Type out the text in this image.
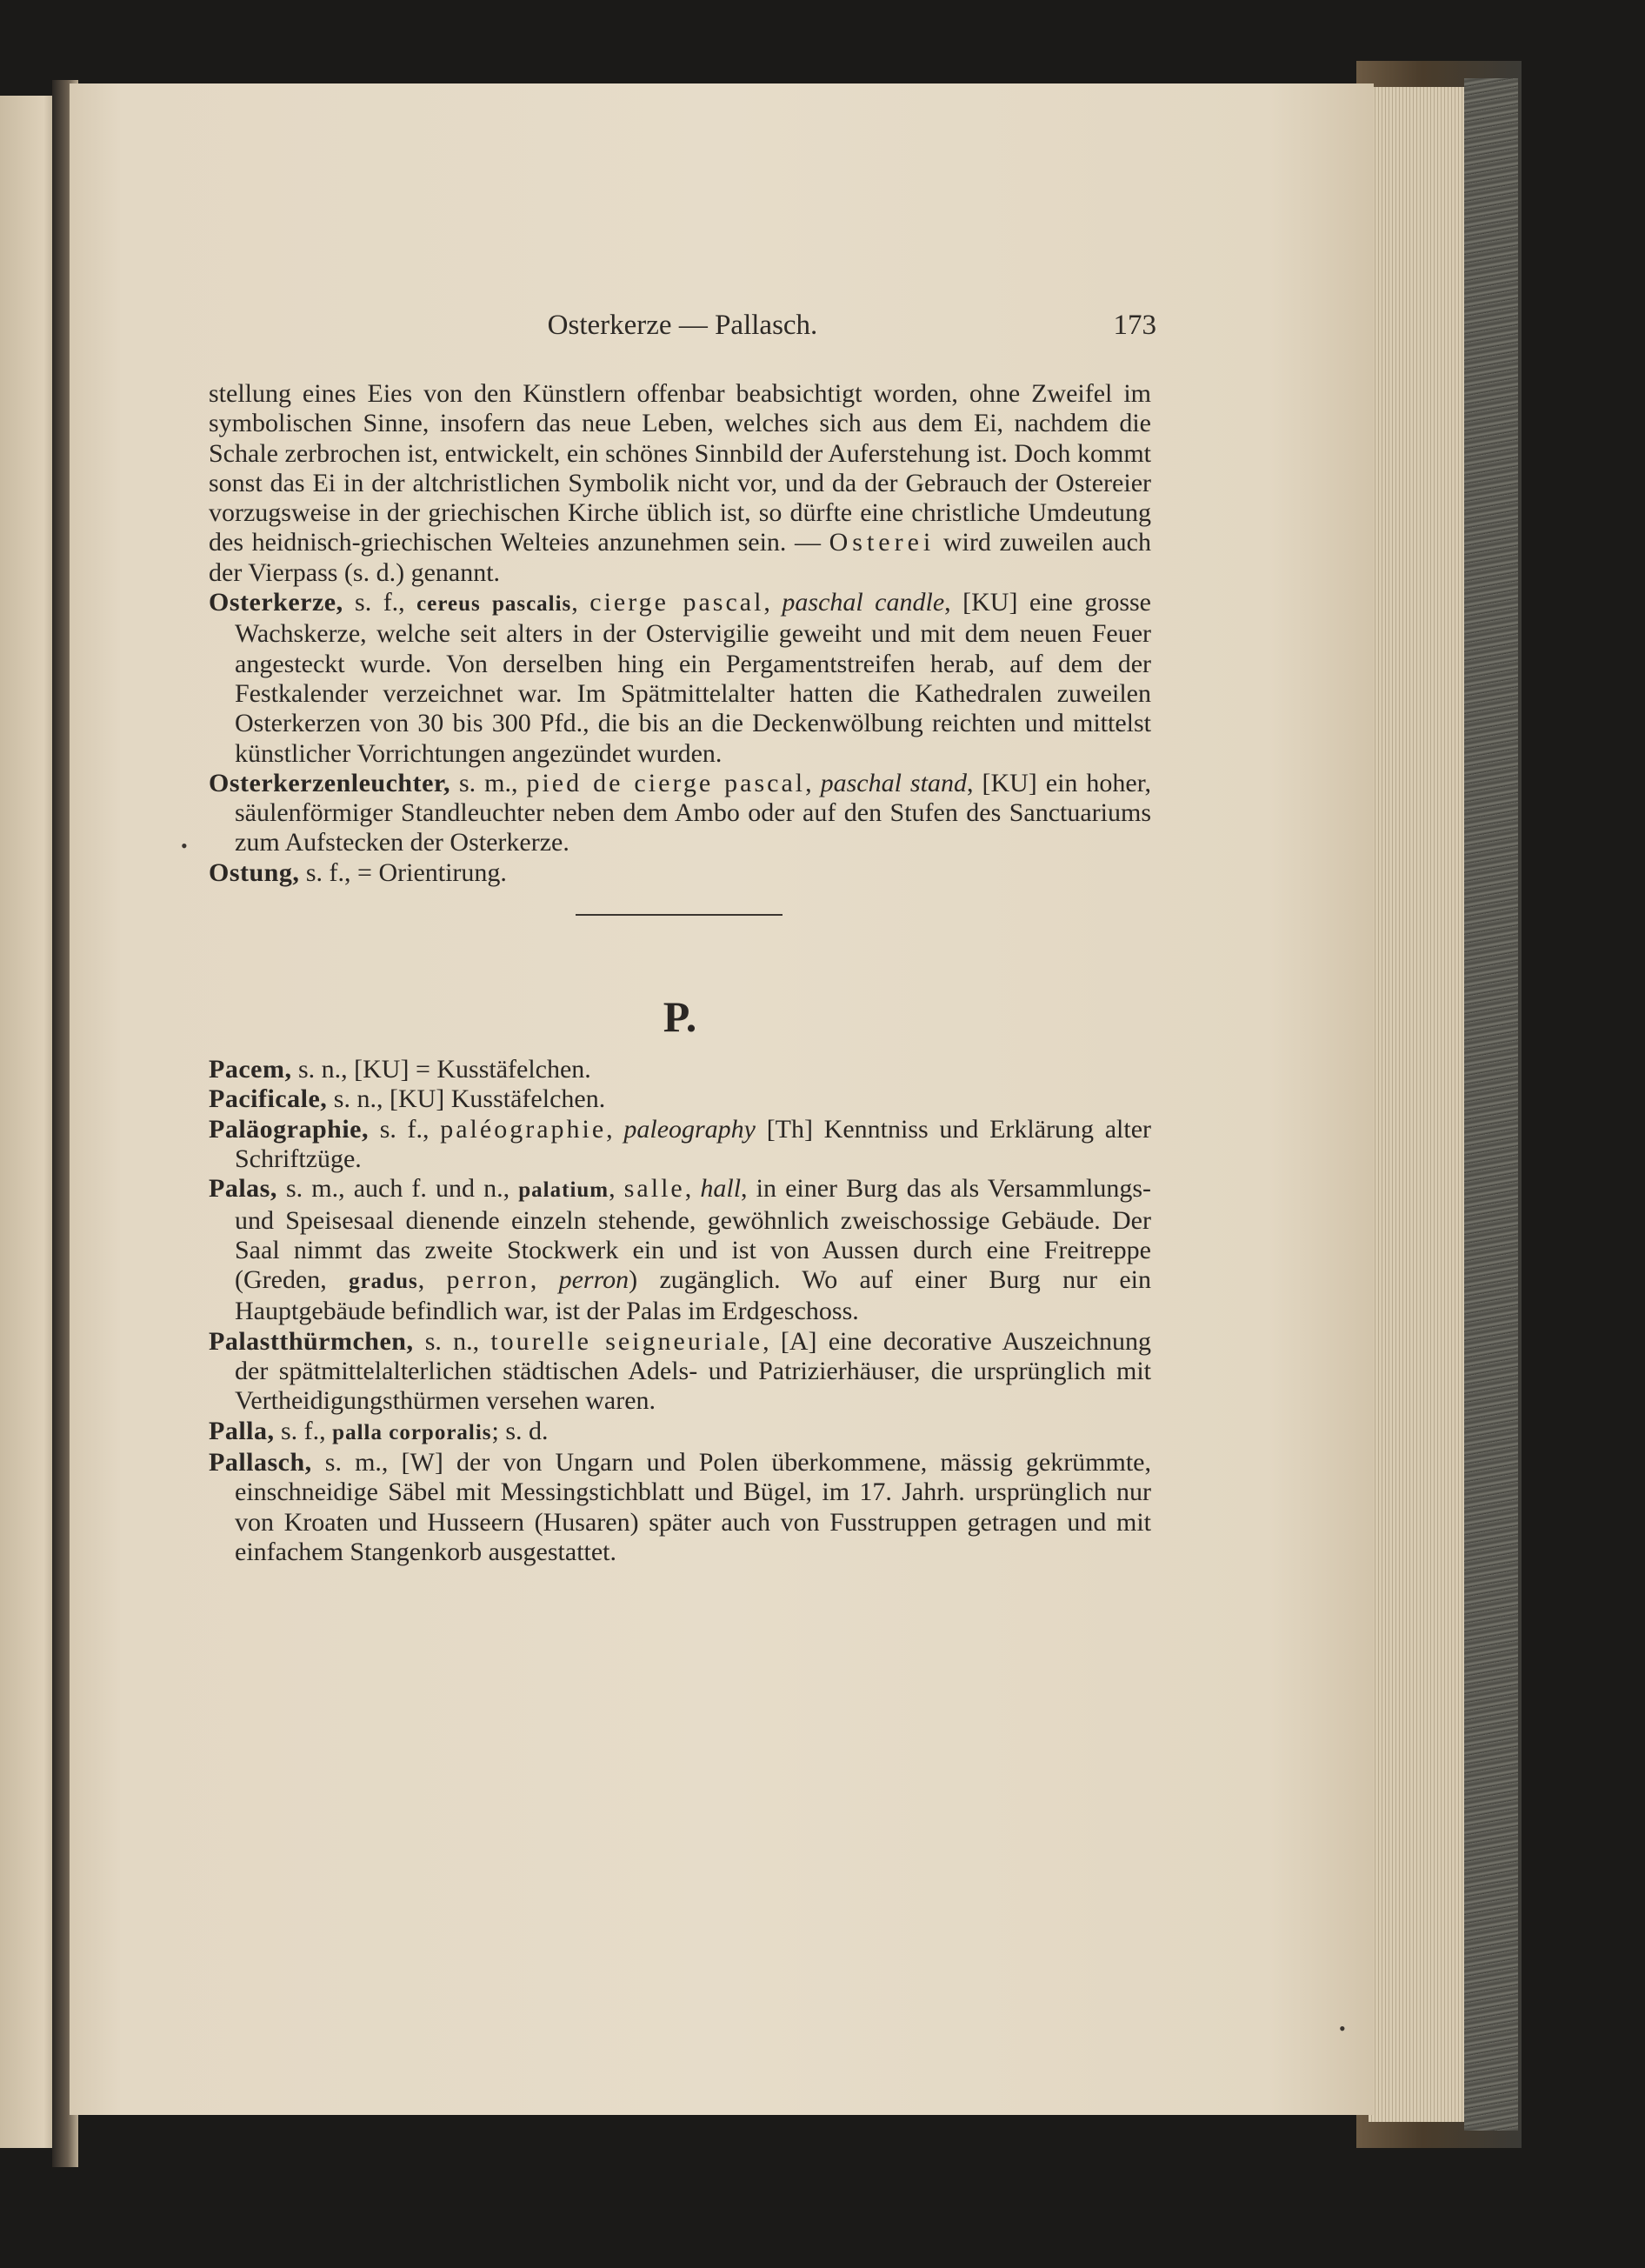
Osterkerze — Pallasch.	173

stellung eines Eies von den Künstlern offenbar beabsichtigt worden, ohne Zweifel im symbolischen Sinne, insofern das neue Leben, welches sich aus dem Ei, nachdem die Schale zerbrochen ist, entwickelt, ein schönes Sinnbild der Auferstehung ist. Doch kommt sonst das Ei in der altchristlichen Symbolik nicht vor, und da der Gebrauch der Ostereier vorzugsweise in der griechischen Kirche üblich ist, so dürfte eine christliche Umdeutung des heidnisch-griechischen Welteies anzunehmen sein. — Osterei wird zuweilen auch der Vierpass (s. d.) genannt.

Osterkerze, s. f., cereus pascalis, cierge pascal, paschal candle, [KU] eine grosse Wachskerze, welche seit alters in der Ostervigilie geweiht und mit dem neuen Feuer angesteckt wurde. Von derselben hing ein Pergamentstreifen herab, auf dem der Festkalender verzeichnet war. Im Spätmittelalter hatten die Kathedralen zuweilen Osterkerzen von 30 bis 300 Pfd., die bis an die Deckenwölbung reichten und mittelst künstlicher Vorrichtungen angezündet wurden.

Osterkerzenleuchter, s. m., pied de cierge pascal, paschal stand, [KU] ein hoher, säulenförmiger Standleuchter neben dem Ambo oder auf den Stufen des Sanctuariums zum Aufstecken der Osterkerze.

Ostung, s. f., = Orientirung.

P.

Pacem, s. n., [KU] = Kusstäfelchen.

Pacificale, s. n., [KU] Kusstäfelchen.

Paläographie, s. f., paléographie, paleography [Th] Kenntniss und Erklärung alter Schriftzüge.

Palas, s. m., auch f. und n., palatium, salle, hall, in einer Burg das als Versammlungs- und Speisesaal dienende einzeln stehende, gewöhnlich zweischossige Gebäude. Der Saal nimmt das zweite Stockwerk ein und ist von Aussen durch eine Freitreppe (Greden, gradus, perron, perron) zugänglich. Wo auf einer Burg nur ein Hauptgebäude befindlich war, ist der Palas im Erdgeschoss.

Palastthürmchen, s. n., tourelle seigneuriale, [A] eine decorative Auszeichnung der spätmittelalterlichen städtischen Adels- und Patrizierhäuser, die ursprünglich mit Vertheidigungsthürmen versehen waren.

Palla, s. f., palla corporalis; s. d.

Pallasch, s. m., [W] der von Ungarn und Polen überkommene, mässig gekrümmte, einschneidige Säbel mit Messingstichblatt und Bügel, im 17. Jahrh. ursprünglich nur von Kroaten und Husseern (Husaren) später auch von Fusstruppen getragen und mit einfachem Stangenkorb ausgestattet.

•
•
